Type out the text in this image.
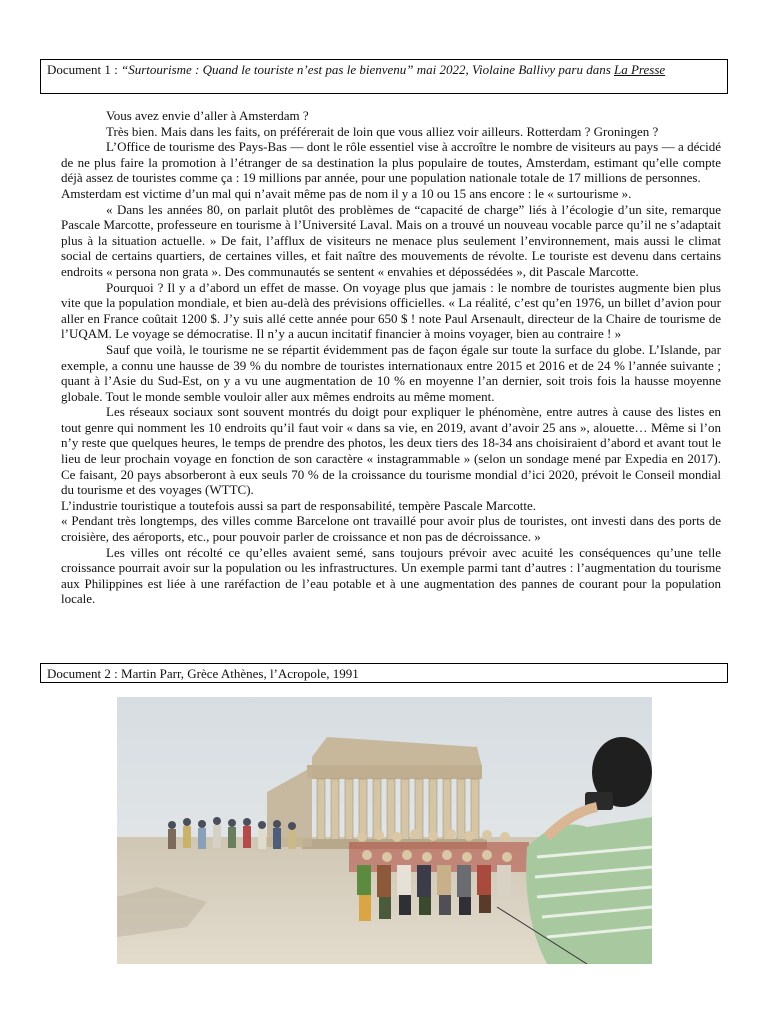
Document 1 : “Surtourisme : Quand le touriste n’est pas le bienvenu” mai 2022, Violaine Ballivy paru dans La Presse

Vous avez envie d’aller à Amsterdam ?

Très bien. Mais dans les faits, on préférerait de loin que vous alliez voir ailleurs. Rotterdam ? Groningen ?

L’Office de tourisme des Pays-Bas — dont le rôle essentiel vise à accroître le nombre de visiteurs au pays — a décidé de ne plus faire la promotion à l’étranger de sa destination la plus populaire de toutes, Amsterdam, estimant qu’elle compte déjà assez de touristes comme ça : 19 millions par année, pour une population nationale totale de 17 millions de personnes.

Amsterdam est victime d’un mal qui n’avait même pas de nom il y a 10 ou 15 ans encore : le « surtourisme ».

« Dans les années 80, on parlait plutôt des problèmes de “capacité de charge” liés à l’écologie d’un site, remarque Pascale Marcotte, professeure en tourisme à l’Université Laval. Mais on a trouvé un nouveau vocable parce qu’il ne s’adaptait plus à la situation actuelle. » De fait, l’afflux de visiteurs ne menace plus seulement l’environnement, mais aussi le climat social de certains quartiers, de certaines villes, et fait naître des mouvements de révolte. Le touriste est devenu dans certains endroits « persona non grata ». Des communautés se sentent « envahies et dépossédées », dit Pascale Marcotte.

Pourquoi ? Il y a d’abord un effet de masse. On voyage plus que jamais : le nombre de touristes augmente bien plus vite que la population mondiale, et bien au-delà des prévisions officielles. « La réalité, c’est qu’en 1976, un billet d’avion pour aller en France coûtait 1200 $. J’y suis allé cette année pour 650 $ ! note Paul Arsenault, directeur de la Chaire de tourisme de l’UQAM. Le voyage se démocratise. Il n’y a aucun incitatif financier à moins voyager, bien au contraire ! »

Sauf que voilà, le tourisme ne se répartit évidemment pas de façon égale sur toute la surface du globe. L’Islande, par exemple, a connu une hausse de 39 % du nombre de touristes internationaux entre 2015 et 2016 et de 24 % l’année suivante ; quant à l’Asie du Sud-Est, on y a vu une augmentation de 10 % en moyenne l’an dernier, soit trois fois la hausse moyenne globale. Tout le monde semble vouloir aller aux mêmes endroits au même moment.

Les réseaux sociaux sont souvent montrés du doigt pour expliquer le phénomène, entre autres à cause des listes en tout genre qui nomment les 10 endroits qu’il faut voir « dans sa vie, en 2019, avant d’avoir 25 ans », alouette… Même si l’on n’y reste que quelques heures, le temps de prendre des photos, les deux tiers des 18-34 ans choisiraient d’abord et avant tout le lieu de leur prochain voyage en fonction de son caractère « instagrammable » (selon un sondage mené par Expedia en 2017). Ce faisant, 20 pays absorberont à eux seuls 70 % de la croissance du tourisme mondial d’ici 2020, prévoit le Conseil mondial du tourisme et des voyages (WTTC).

L’industrie touristique a toutefois aussi sa part de responsabilité, tempère Pascale Marcotte.

« Pendant très longtemps, des villes comme Barcelone ont travaillé pour avoir plus de touristes, ont investi dans des ports de croisière, des aéroports, etc., pour pouvoir parler de croissance et non pas de décroissance. »

Les villes ont récolté ce qu’elles avaient semé, sans toujours prévoir avec acuité les conséquences qu’une telle croissance pourrait avoir sur la population ou les infrastructures. Un exemple parmi tant d’autres : l’augmentation du tourisme aux Philippines est liée à une raréfaction de l’eau potable et à une augmentation des pannes de courant pour la population locale.

Document 2 : Martin Parr, Grèce Athènes, l’Acropole, 1991
